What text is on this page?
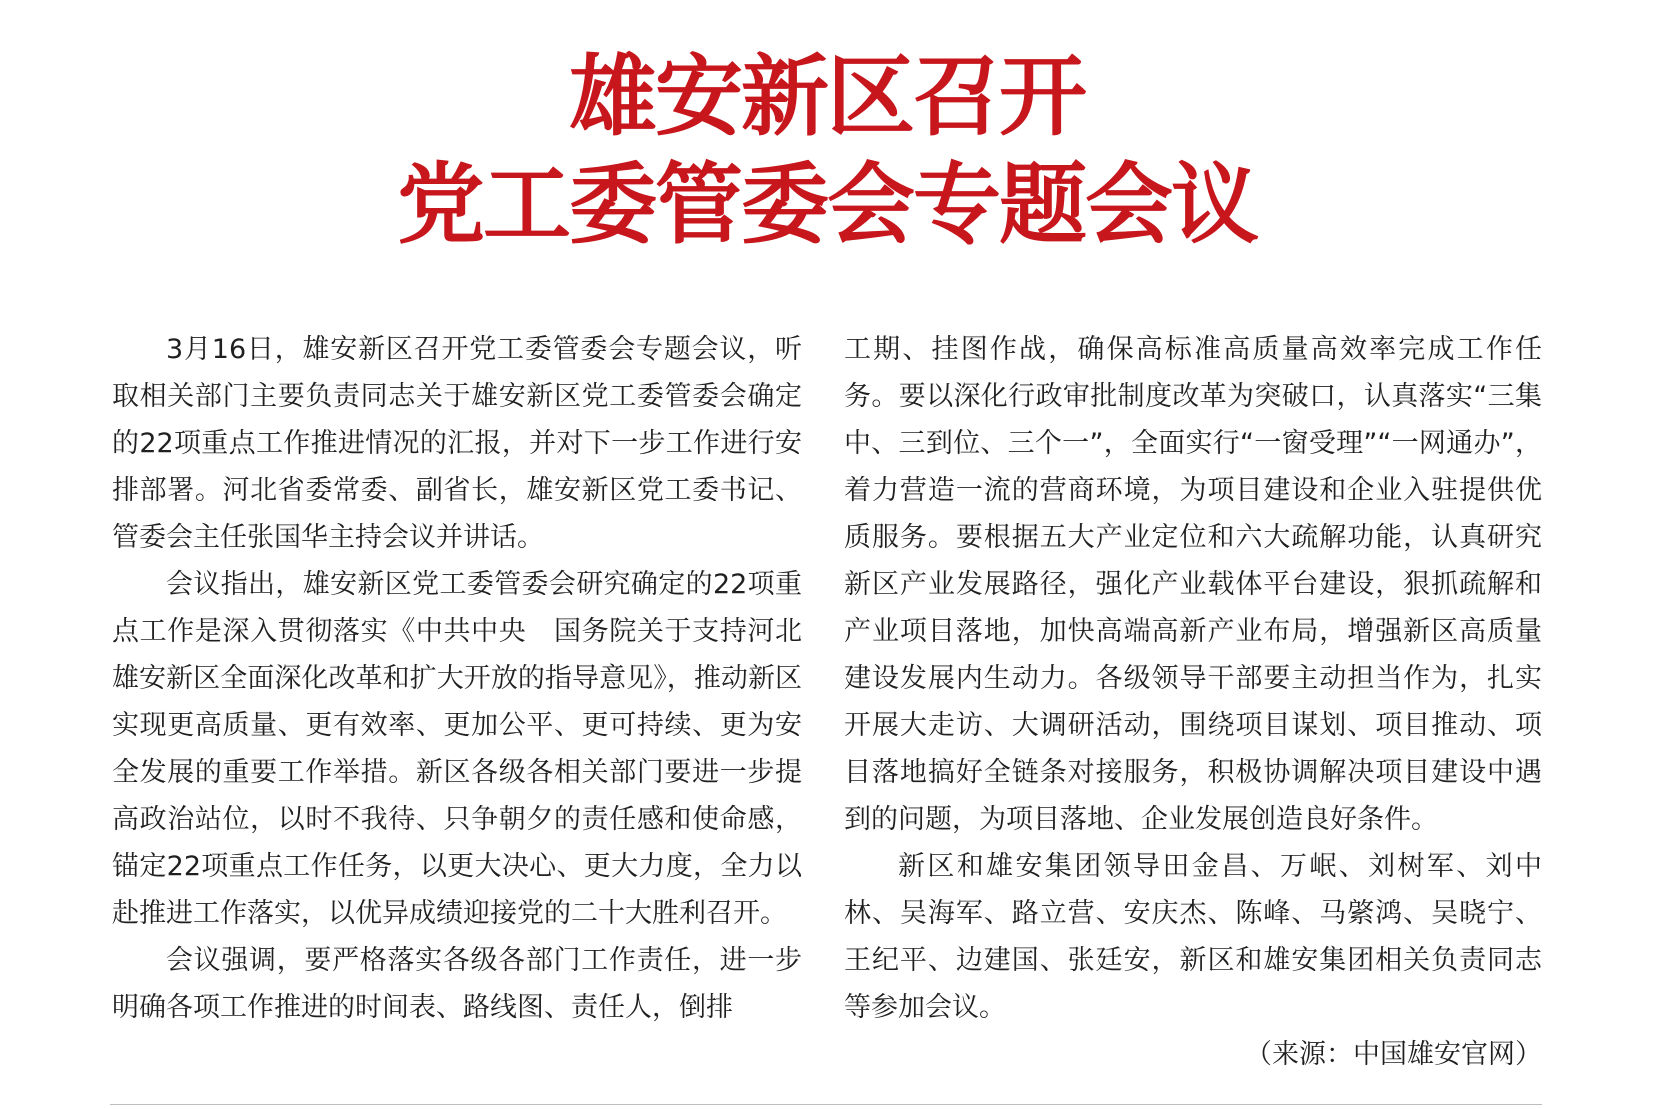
雄安新区召开
党工委管委会专题会议

3月16日，雄安新区召开党工委管委会专题会议，听取相关部门主要负责同志关于雄安新区党工委管委会确定的22项重点工作推进情况的汇报，并对下一步工作进行安排部署。河北省委常委、副省长，雄安新区党工委书记、管委会主任张国华主持会议并讲话。

会议指出，雄安新区党工委管委会研究确定的22项重点工作是深入贯彻落实《中共中央　国务院关于支持河北雄安新区全面深化改革和扩大开放的指导意见》，推动新区实现更高质量、更有效率、更加公平、更可持续、更为安全发展的重要工作举措。新区各级各相关部门要进一步提高政治站位，以时不我待、只争朝夕的责任感和使命感，锚定22项重点工作任务，以更大决心、更大力度，全力以赴推进工作落实，以优异成绩迎接党的二十大胜利召开。

会议强调，要严格落实各级各部门工作责任，进一步明确各项工作推进的时间表、路线图、责任人，倒排

工期、挂图作战，确保高标准高质量高效率完成工作任务。要以深化行政审批制度改革为突破口，认真落实“三集中、三到位、三个一”，全面实行“一窗受理”“一网通办”，着力营造一流的营商环境，为项目建设和企业入驻提供优质服务。要根据五大产业定位和六大疏解功能，认真研究新区产业发展路径，强化产业载体平台建设，狠抓疏解和产业项目落地，加快高端高新产业布局，增强新区高质量建设发展内生动力。各级领导干部要主动担当作为，扎实开展大走访、大调研活动，围绕项目谋划、项目推动、项目落地搞好全链条对接服务，积极协调解决项目建设中遇到的问题，为项目落地、企业发展创造良好条件。

新区和雄安集团领导田金昌、万岷、刘树军、刘中林、吴海军、路立营、安庆杰、陈峰、马綮鸿、吴晓宁、王纪平、边建国、张廷安，新区和雄安集团相关负责同志等参加会议。
（来源：中国雄安官网）
